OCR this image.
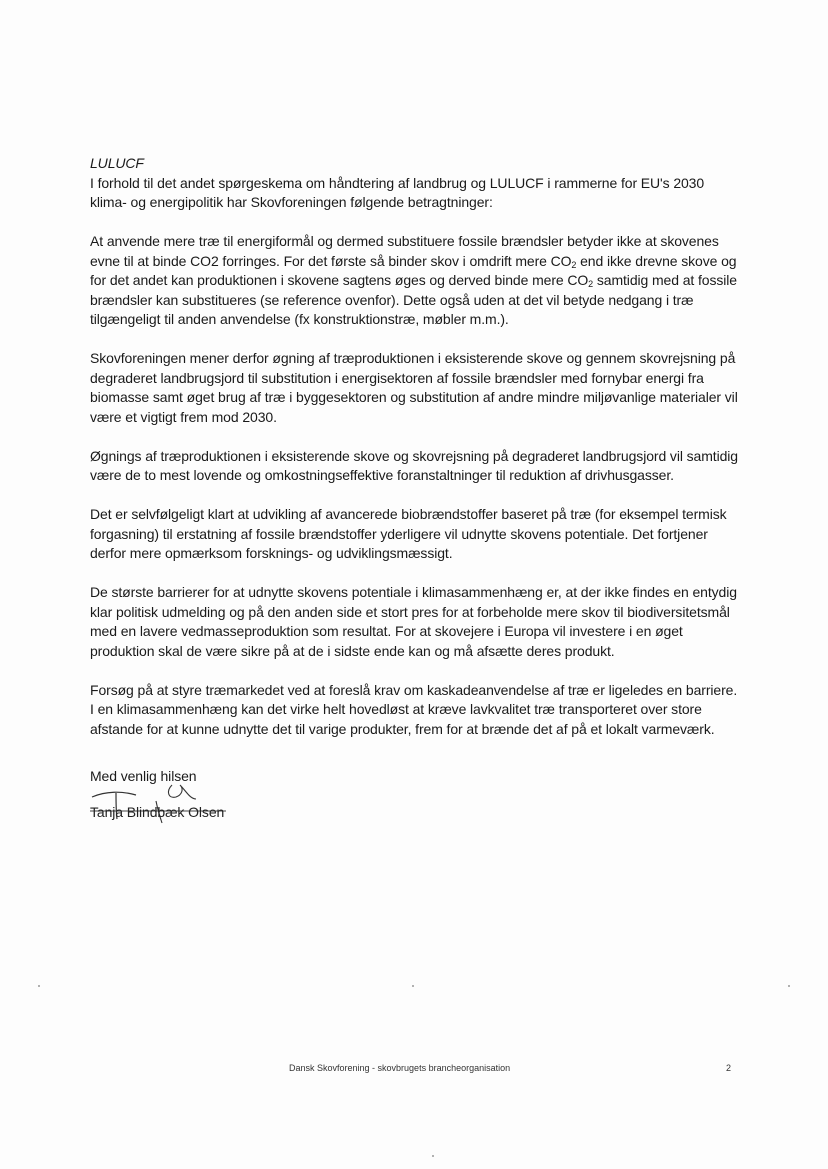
LULUCF

I forhold til det andet spørgeskema om håndtering af landbrug og LULUCF i rammerne for EU's 2030 klima- og energipolitik har Skovforeningen følgende betragtninger:

At anvende mere træ til energiformål og dermed substituere fossile brændsler betyder ikke at skovenes evne til at binde CO2 forringes. For det første så binder skov i omdrift mere $CO_2$ end ikke drevne skove og for det andet kan produktionen i skovene sagtens øges og derved binde mere $CO_2$ samtidig med at fossile brændsler kan substitueres (se reference ovenfor). Dette også uden at det vil betyde nedgang i træ tilgængeligt til anden anvendelse (fx konstruktionstræ, møbler m.m.).

Skovforeningen mener derfor øgning af træproduktionen i eksisterende skove og gennem skovrejsning på degraderet landbrugsjord til substitution i energisektoren af fossile brændsler med fornybar energi fra biomasse samt øget brug af træ i byggesektoren og substitution af andre mindre miljøvanlige materialer vil være et vigtigt frem mod 2030.

Øgnings af træproduktionen i eksisterende skove og skovrejsning på degraderet landbrugsjord vil samtidig være de to mest lovende og omkostningseffektive foranstaltninger til reduktion af drivhusgasser.

Det er selvfølgeligt klart at udvikling af avancerede biobrændstoffer baseret på træ (for eksempel termisk forgasning) til erstatning af fossile brændstoffer yderligere vil udnytte skovens potentiale. Det fortjener derfor mere opmærksom forsknings- og udviklingsmæssigt.

De største barrierer for at udnytte skovens potentiale i klimasammenhæng er, at der ikke findes en entydig klar politisk udmelding og på den anden side et stort pres for at forbeholde mere skov til biodiversitetsmål med en lavere vedmasseproduktion som resultat. For at skovejere i Europa vil investere i en øget produktion skal de være sikre på at de i sidste ende kan og må afsætte deres produkt.

Forsøg på at styre træmarkedet ved at foreslå krav om kaskadeanvendelse af træ er ligeledes en barriere. I en klimasammenhæng kan det virke helt hovedløst at kræve lavkvalitet træ transporteret over store afstande for at kunne udnytte det til varige produkter, frem for at brænde det af på et lokalt varmeværk.

Med venlig hilsen

Tanja Blindbæk Olsen
Dansk Skovforening - skovbrugets brancheorganisation	2
